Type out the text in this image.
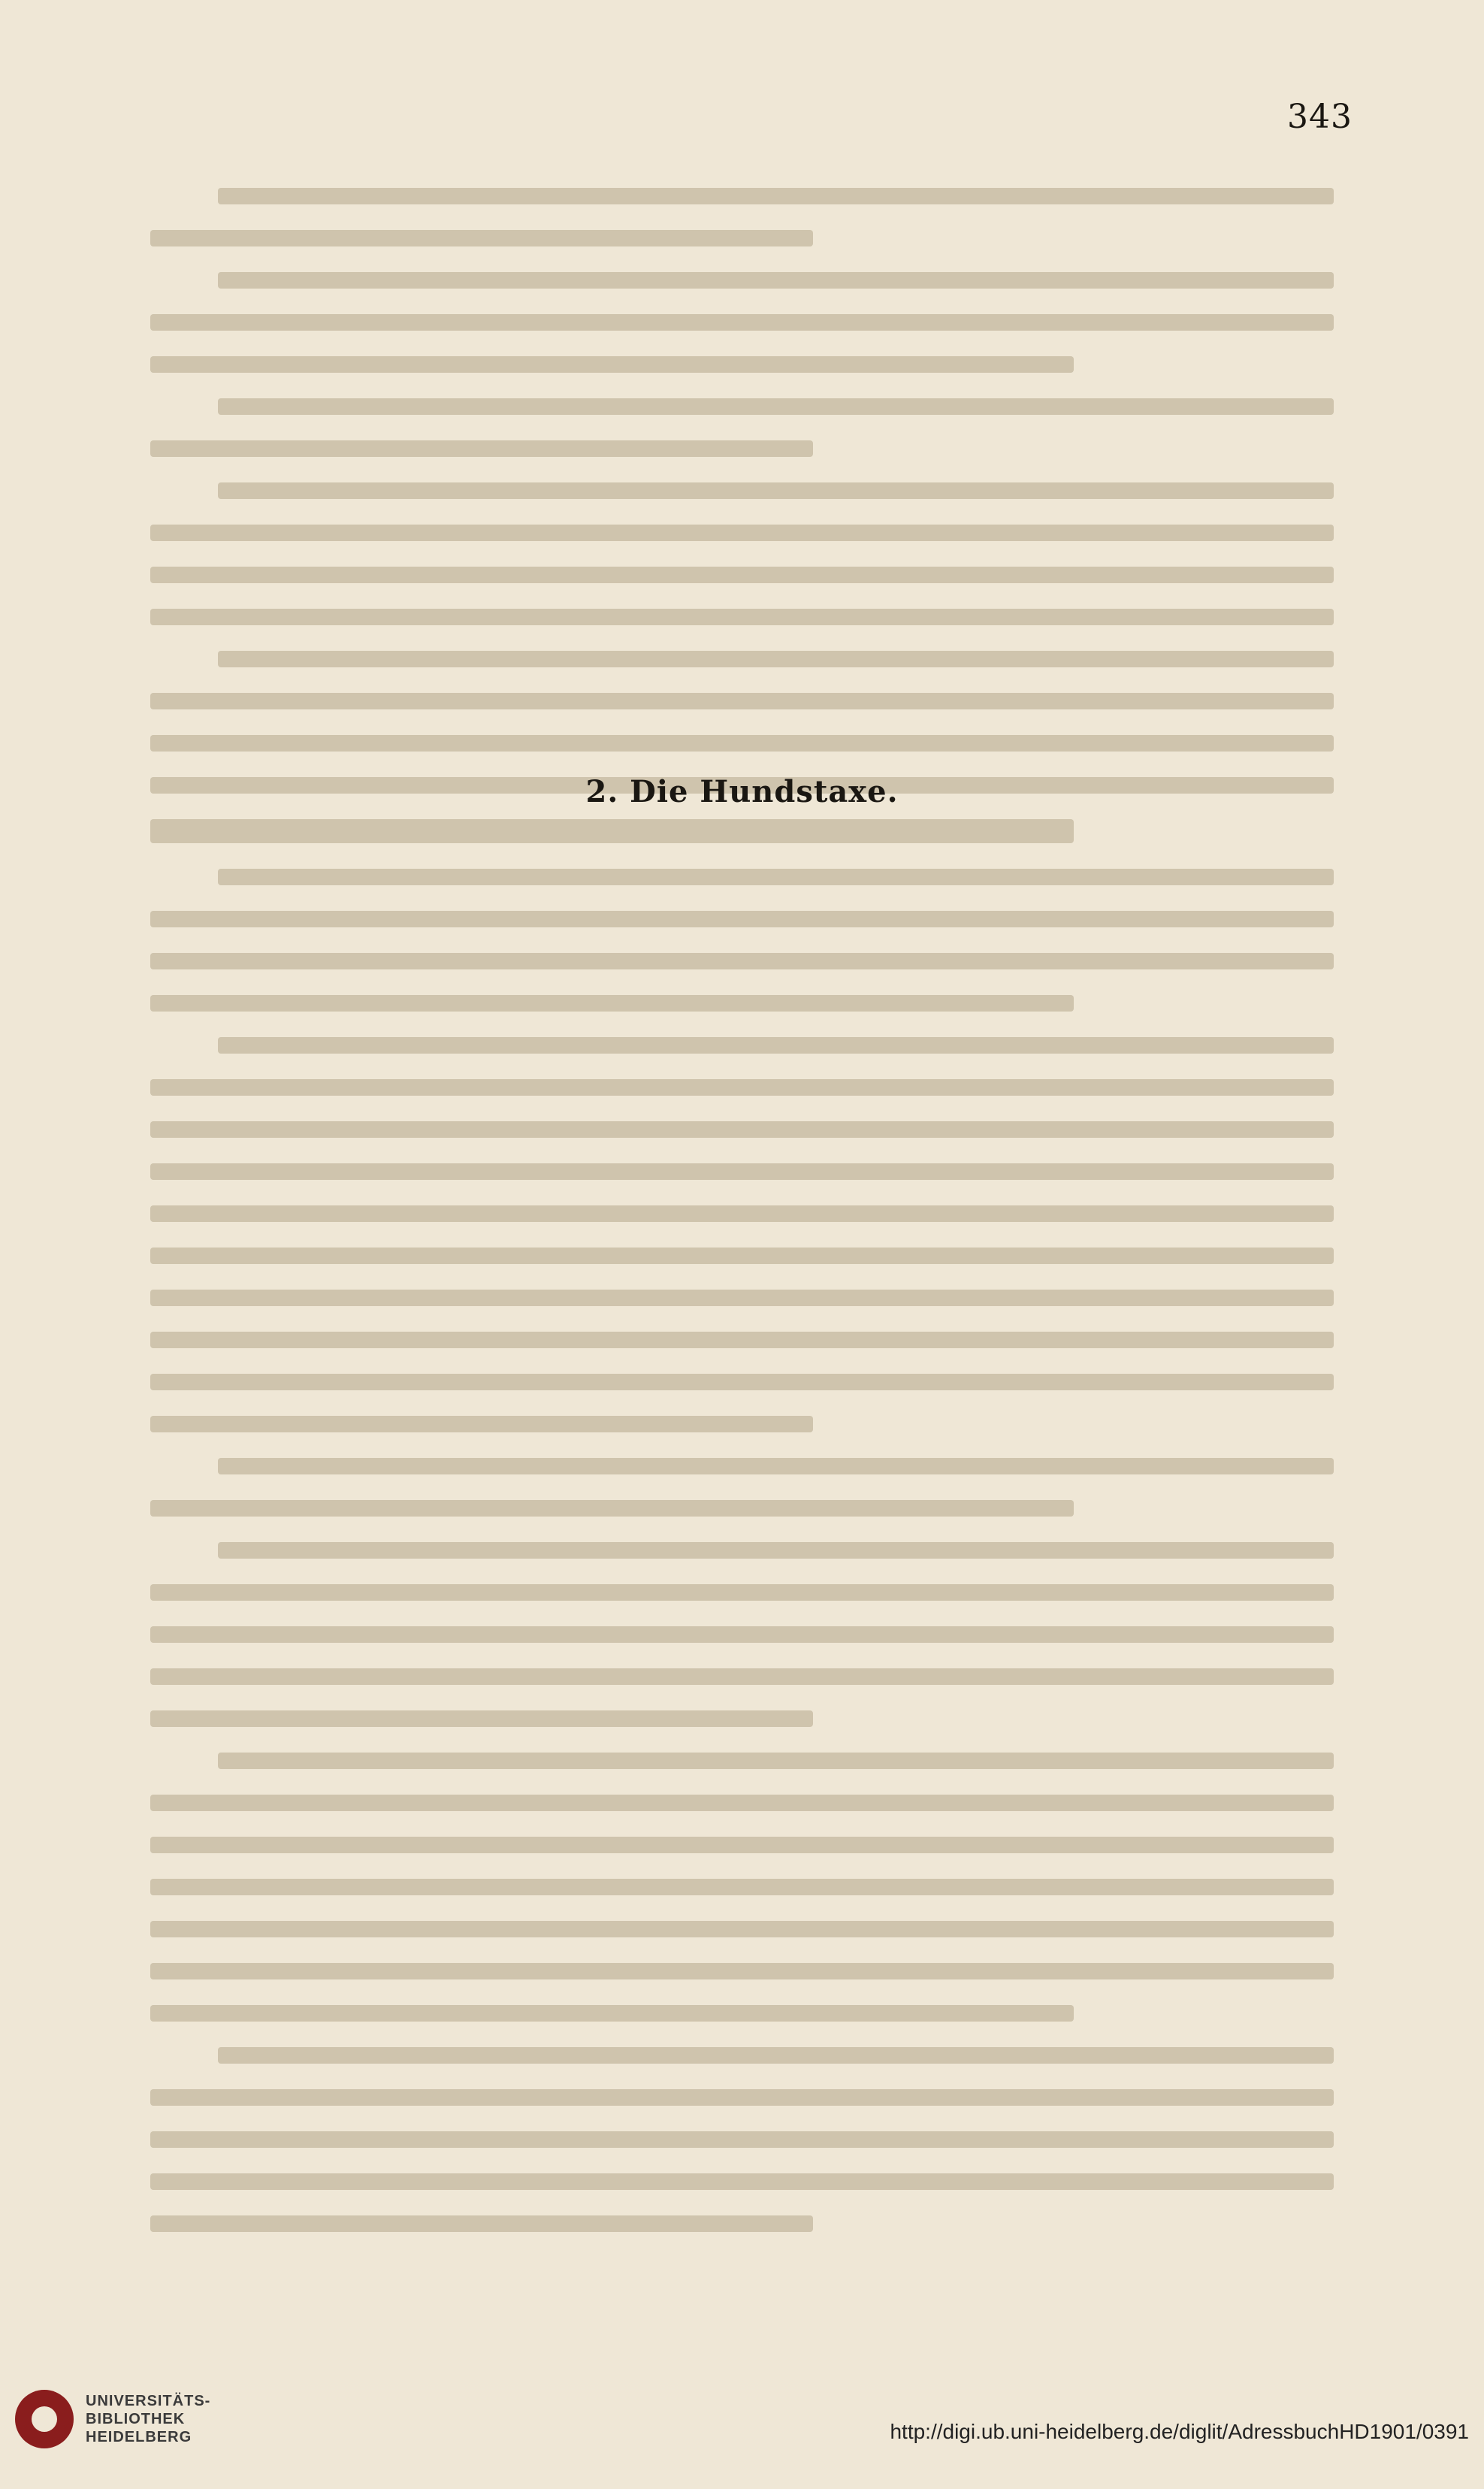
343
2. Die Hundstaxe.
UNIVERSITÄTS-
BIBLIOTHEK
HEIDELBERG	http://digi.ub.uni-heidelberg.de/diglit/AdressbuchHD1901/0391
